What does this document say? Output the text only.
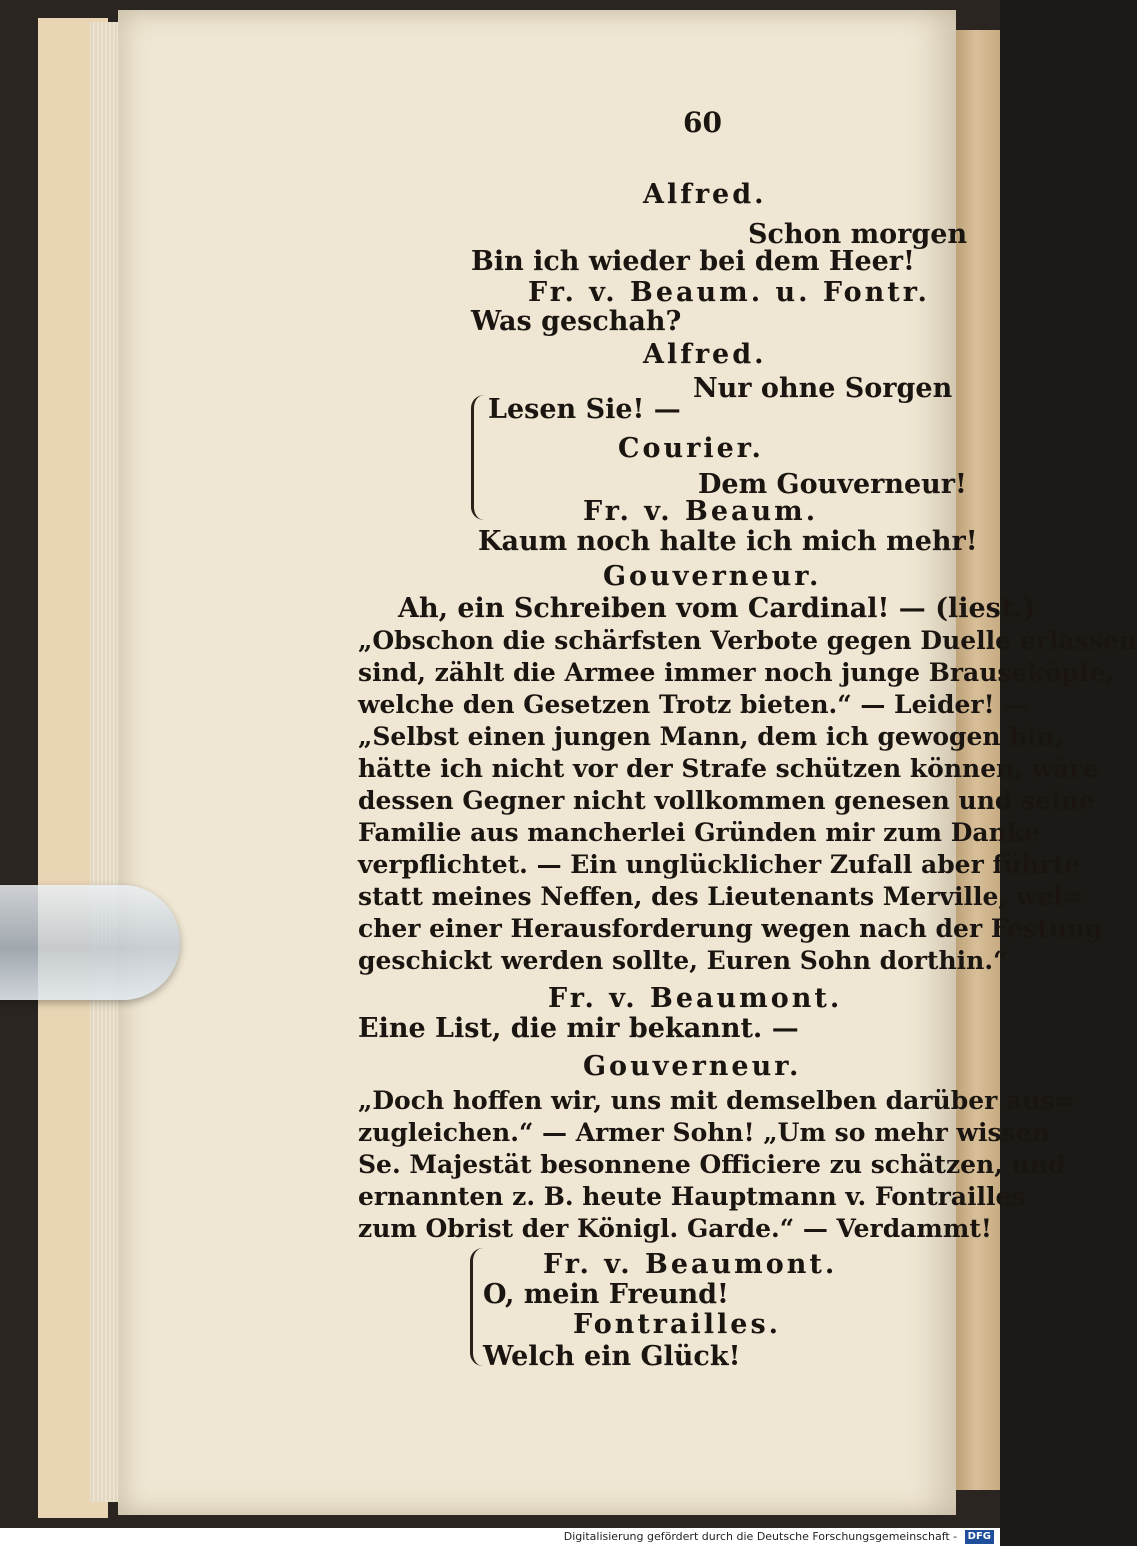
60
Alfred.
Schon morgen
Bin ich wieder bei dem Heer!
Fr. v. Beaum. u. Fontr.
Was geschah?
Alfred.
Nur ohne Sorgen
Lesen Sie! —
Courier.
Dem Gouverneur!
Fr. v. Beaum.
Kaum noch halte ich mich mehr!
Gouverneur.
Ah, ein Schreiben vom Cardinal! — (liest.)
„Obschon die schärfsten Verbote gegen Duelle erlassen
sind, zählt die Armee immer noch junge Brauseköpfe,
welche den Gesetzen Trotz bieten.“ — Leider! —
„Selbst einen jungen Mann, dem ich gewogen bin,
hätte ich nicht vor der Strafe schützen können, wäre
dessen Gegner nicht vollkommen genesen und seine
Familie aus mancherlei Gründen mir zum Danke
verpflichtet. — Ein unglücklicher Zufall aber führte
statt meines Neffen, des Lieutenants Merville, wel=
cher einer Herausforderung wegen nach der Festung
geschickt werden sollte, Euren Sohn dorthin.“
Fr. v. Beaumont.
Eine List, die mir bekannt. —
Gouverneur.
„Doch hoffen wir, uns mit demselben darüber aus=
zugleichen.“ — Armer Sohn! „Um so mehr wissen
Se. Majestät besonnene Officiere zu schätzen, und
ernannten z. B. heute Hauptmann v. Fontrailles
zum Obrist der Königl. Garde.“ — Verdammt!
Fr. v. Beaumont.
O, mein Freund!
Fontrailles.
Welch ein Glück!
Digitalisierung gefördert durch die Deutsche Forschungsgemeinschaft - DFG
